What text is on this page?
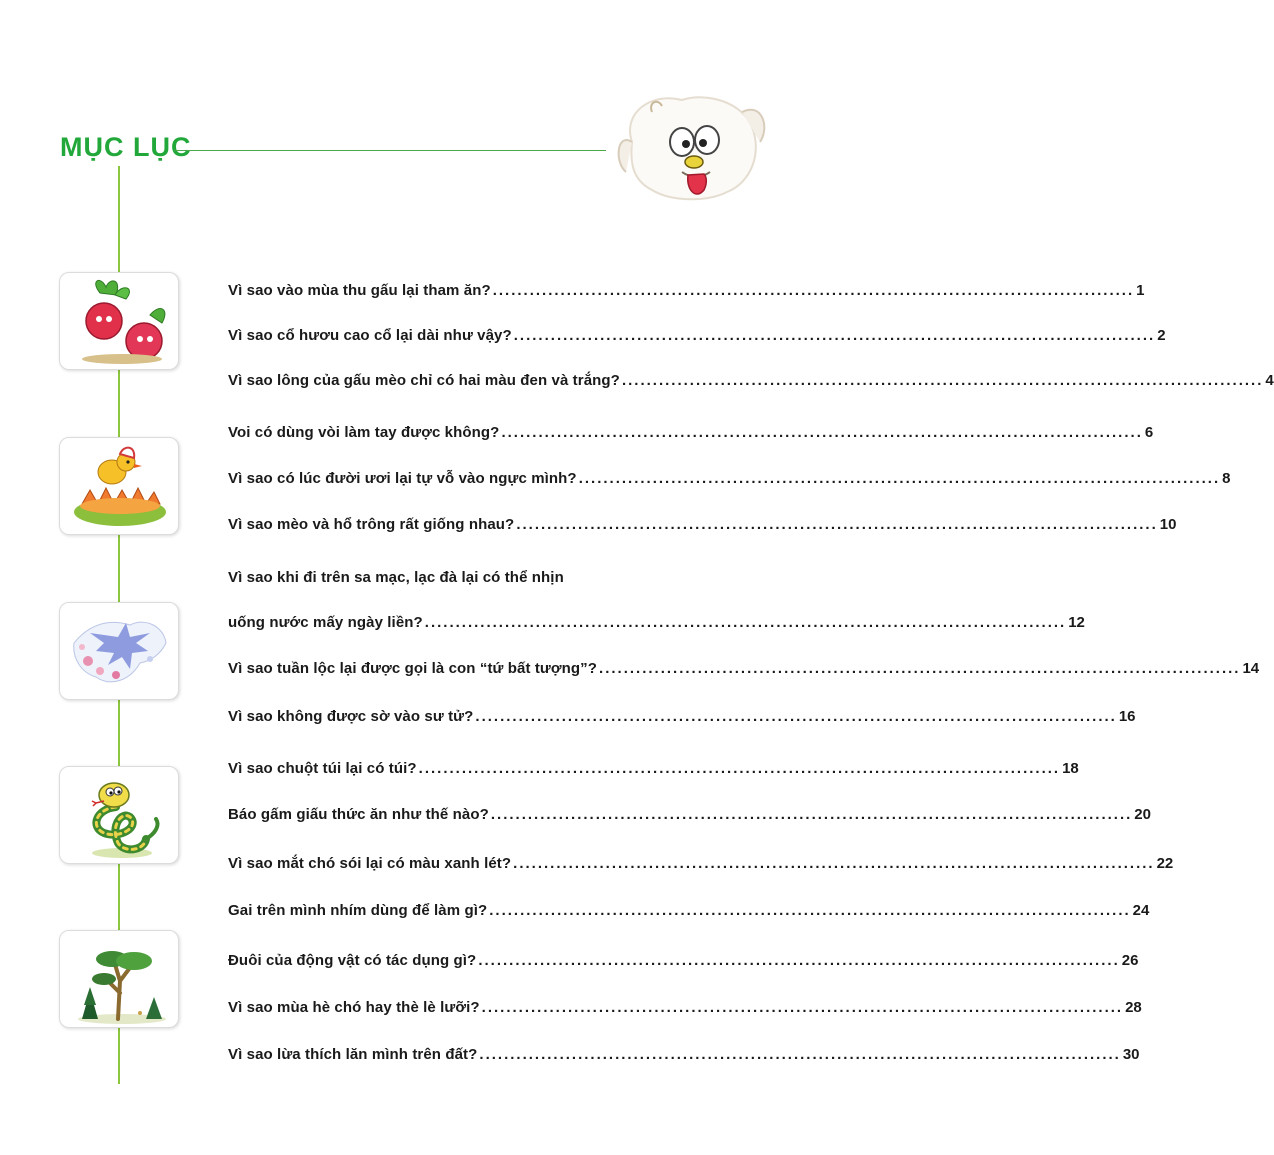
MỤC LỤC
Vì sao vào mùa thu gấu lại tham ăn? ........................................................................................................ 1
Vì sao cổ hươu cao cổ lại dài như vậy? ........................................................................................................ 2
Vì sao lông của gấu mèo chỉ có hai màu đen và trắng? ........................................................................................................ 4
Voi có dùng vòi làm tay được không? ........................................................................................................ 6
Vì sao có lúc đười ươi lại tự vỗ vào ngực mình? ........................................................................................................ 8
Vì sao mèo và hổ trông rất giống nhau? ........................................................................................................ 10
Vì sao khi đi trên sa mạc, lạc đà lại có thể nhịn
uống nước mấy ngày liền? ........................................................................................................ 12
Vì sao tuần lộc lại được gọi là con “tứ bất tượng”? ........................................................................................................ 14
Vì sao không được sờ vào sư tử? ........................................................................................................ 16
Vì sao chuột túi lại có túi? ........................................................................................................ 18
Báo gấm giấu thức ăn như thế nào? ........................................................................................................ 20
Vì sao mắt chó sói lại có màu xanh lét? ........................................................................................................ 22
Gai trên mình nhím dùng để làm gì? ........................................................................................................ 24
Đuôi của động vật có tác dụng gì? ........................................................................................................ 26
Vì sao mùa hè chó hay thè lè lưỡi? ........................................................................................................ 28
Vì sao lừa thích lăn mình trên đất? ........................................................................................................ 30
